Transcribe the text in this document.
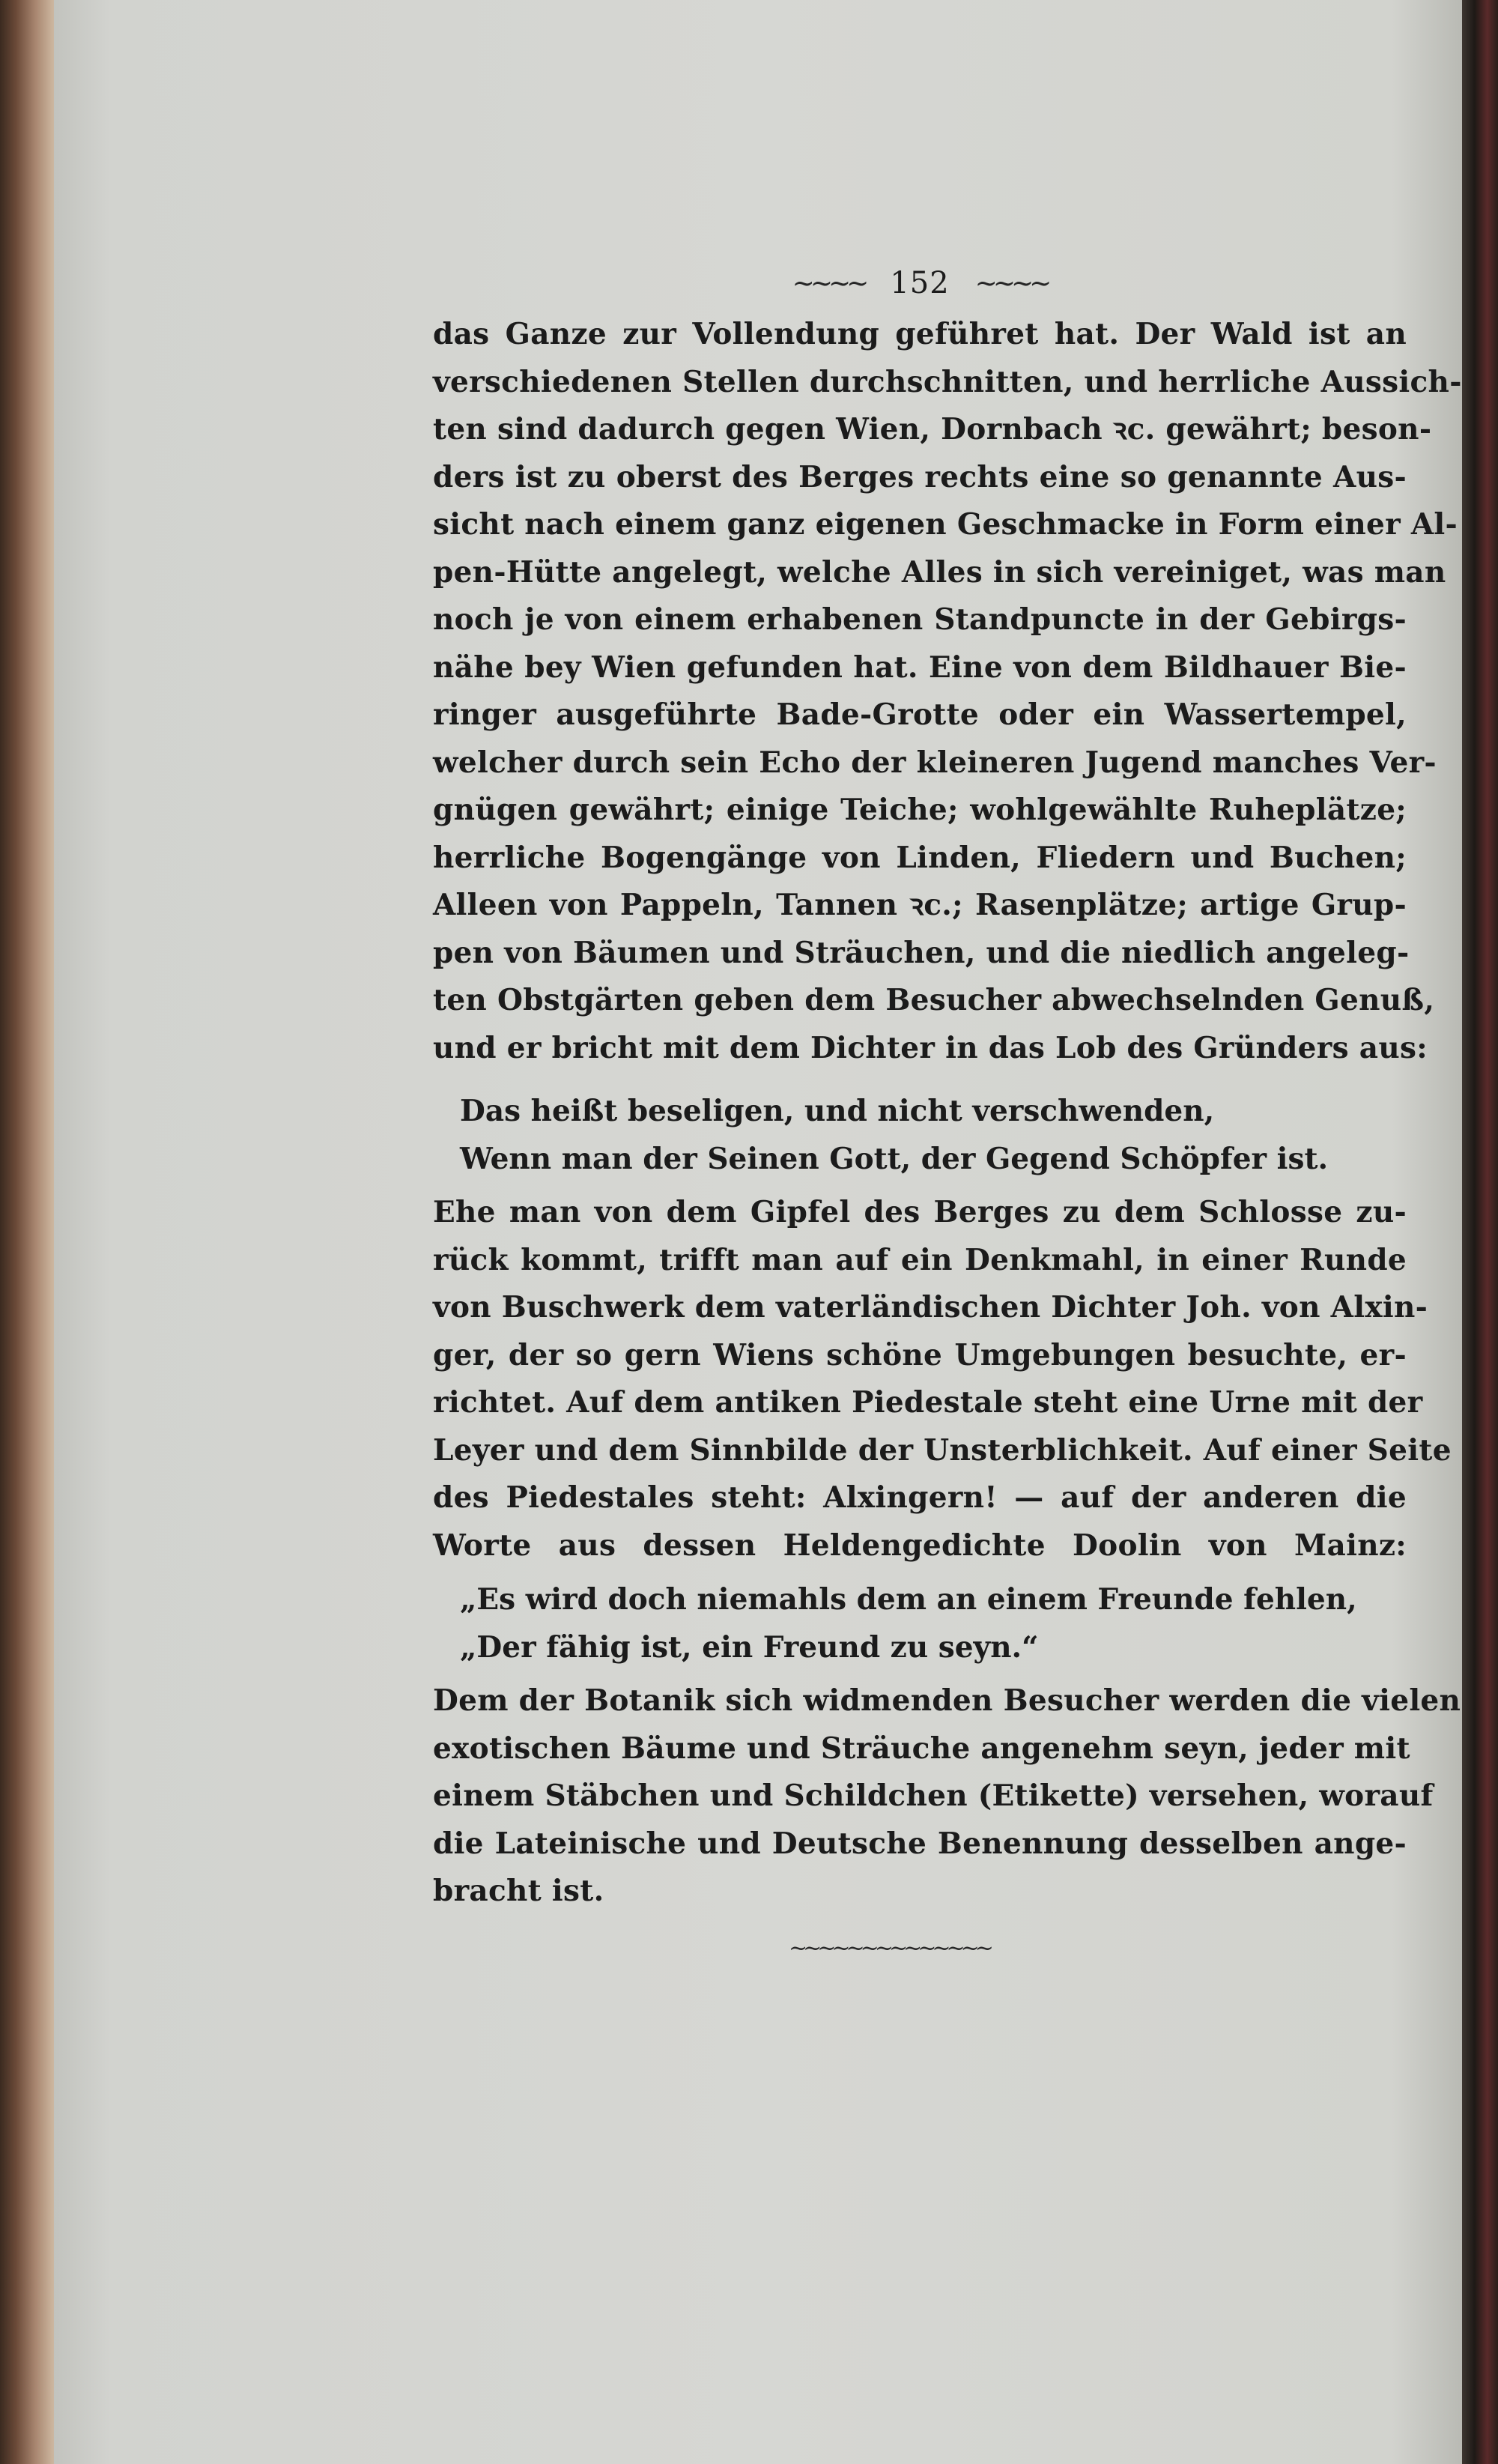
~~~~ 152 ~~~~
das Ganze zur Vollendung geführet hat. Der Wald ist an
verschiedenen Stellen durchschnitten, und herrliche Aussich-
ten sind dadurch gegen Wien, Dornbach ꝛc. gewährt; beson-
ders ist zu oberst des Berges rechts eine so genannte Aus-
sicht nach einem ganz eigenen Geschmacke in Form einer Al-
pen-Hütte angelegt, welche Alles in sich vereiniget, was man
noch je von einem erhabenen Standpuncte in der Gebirgs-
nähe bey Wien gefunden hat. Eine von dem Bildhauer Bie-
ringer ausgeführte Bade-Grotte oder ein Wassertempel,
welcher durch sein Echo der kleineren Jugend manches Ver-
gnügen gewährt; einige Teiche; wohlgewählte Ruheplätze;
herrliche Bogengänge von Linden, Fliedern und Buchen;
Alleen von Pappeln, Tannen ꝛc.; Rasenplätze; artige Grup-
pen von Bäumen und Sträuchen, und die niedlich angeleg-
ten Obstgärten geben dem Besucher abwechselnden Genuß,
und er bricht mit dem Dichter in das Lob des Gründers aus:
Das heißt beseligen, und nicht verschwenden,
Wenn man der Seinen Gott, der Gegend Schöpfer ist.
Ehe man von dem Gipfel des Berges zu dem Schlosse zu-
rück kommt, trifft man auf ein Denkmahl, in einer Runde
von Buschwerk dem vaterländischen Dichter Joh. von Alxin-
ger, der so gern Wiens schöne Umgebungen besuchte, er-
richtet. Auf dem antiken Piedestale steht eine Urne mit der
Leyer und dem Sinnbilde der Unsterblichkeit. Auf einer Seite
des Piedestales steht: Alxingern! — auf der anderen die
Worte aus dessen Heldengedichte Doolin von Mainz:
„Es wird doch niemahls dem an einem Freunde fehlen,
„Der fähig ist, ein Freund zu seyn.“
Dem der Botanik sich widmenden Besucher werden die vielen
exotischen Bäume und Sträuche angenehm seyn, jeder mit
einem Stäbchen und Schildchen (Etikette) versehen, worauf
die Lateinische und Deutsche Benennung desselben ange-
bracht ist.
~~~~~~~~~~~~~~
